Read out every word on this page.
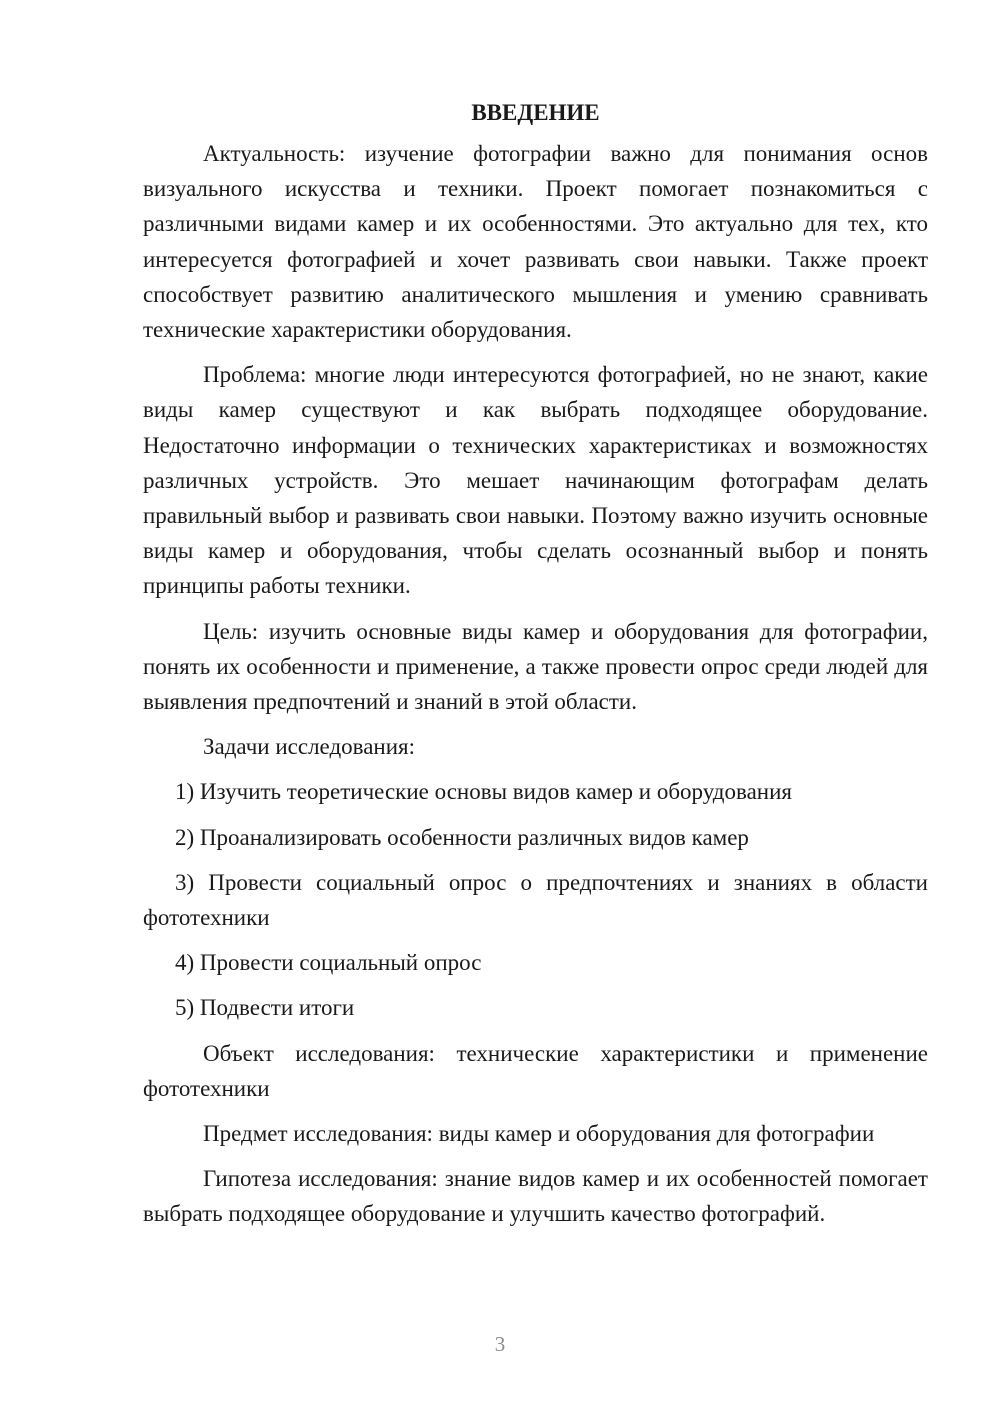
ВВЕДЕНИЕ

Актуальность: изучение фотографии важно для понимания основ визуального искусства и техники. Проект помогает познакомиться с различными видами камер и их особенностями. Это актуально для тех, кто интересуется фотографией и хочет развивать свои навыки. Также проект способствует развитию аналитического мышления и умению сравнивать технические характеристики оборудования.

Проблема: многие люди интересуются фотографией, но не знают, какие виды камер существуют и как выбрать подходящее оборудование. Недостаточно информации о технических характеристиках и возможностях различных устройств. Это мешает начинающим фотографам делать правильный выбор и развивать свои навыки. Поэтому важно изучить основные виды камер и оборудования, чтобы сделать осознанный выбор и понять принципы работы техники.

Цель: изучить основные виды камер и оборудования для фотографии, понять их особенности и применение, а также провести опрос среди людей для выявления предпочтений и знаний в этой области.

Задачи исследования:

1) Изучить теоретические основы видов камер и оборудования

2) Проанализировать особенности различных видов камер

3) Провести социальный опрос о предпочтениях и знаниях в области фототехники

4) Провести социальный опрос

5) Подвести итоги

Объект исследования: технические характеристики и применение фототехники

Предмет исследования: виды камер и оборудования для фотографии

Гипотеза исследования: знание видов камер и их особенностей помогает выбрать подходящее оборудование и улучшить качество фотографий.

3
